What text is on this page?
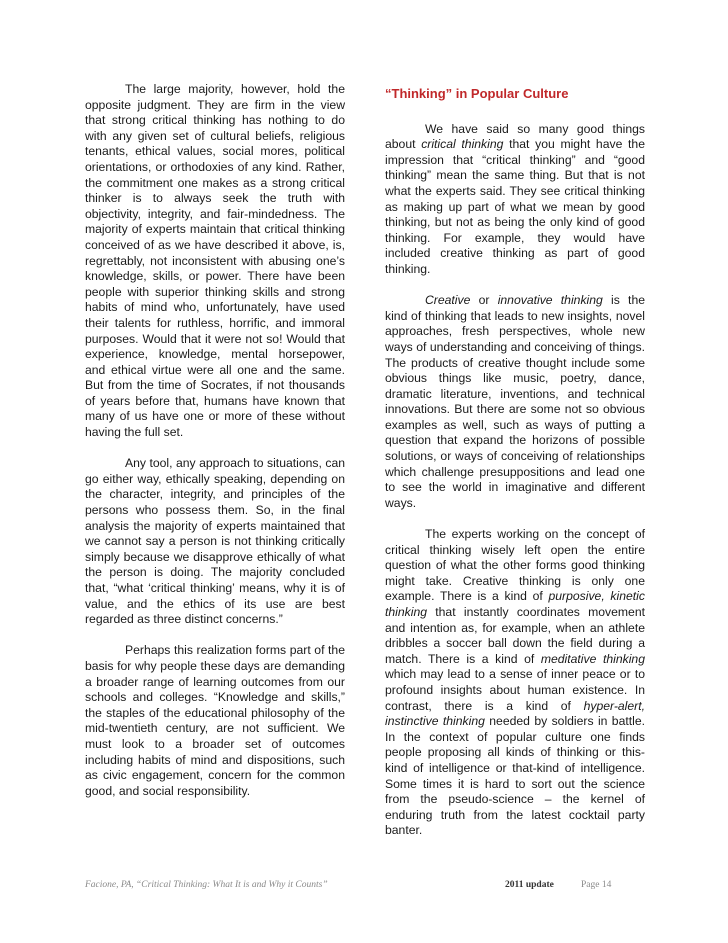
The large majority, however, hold the opposite judgment. They are firm in the view that strong critical thinking has nothing to do with any given set of cultural beliefs, religious tenants, ethical values, social mores, political orientations, or orthodoxies of any kind. Rather, the commitment one makes as a strong critical thinker is to always seek the truth with objectivity, integrity, and fair-mindedness. The majority of experts maintain that critical thinking conceived of as we have described it above, is, regrettably, not inconsistent with abusing one’s knowledge, skills, or power. There have been people with superior thinking skills and strong habits of mind who, unfortunately, have used their talents for ruthless, horrific, and immoral purposes. Would that it were not so! Would that experience, knowledge, mental horsepower, and ethical virtue were all one and the same. But from the time of Socrates, if not thousands of years before that, humans have known that many of us have one or more of these without having the full set.

Any tool, any approach to situations, can go either way, ethically speaking, depending on the character, integrity, and principles of the persons who possess them. So, in the final analysis the majority of experts maintained that we cannot say a person is not thinking critically simply because we disapprove ethically of what the person is doing. The majority concluded that, “what ‘critical thinking’ means, why it is of value, and the ethics of its use are best regarded as three distinct concerns.”

Perhaps this realization forms part of the basis for why people these days are demanding a broader range of learning outcomes from our schools and colleges. “Knowledge and skills,” the staples of the educational philosophy of the mid-twentieth century, are not sufficient. We must look to a broader set of outcomes including habits of mind and dispositions, such as civic engagement, concern for the common good, and social responsibility.

“Thinking” in Popular Culture

We have said so many good things about critical thinking that you might have the impression that “critical thinking” and “good thinking” mean the same thing. But that is not what the experts said. They see critical thinking as making up part of what we mean by good thinking, but not as being the only kind of good thinking. For example, they would have included creative thinking as part of good thinking.

Creative or innovative thinking is the kind of thinking that leads to new insights, novel approaches, fresh perspectives, whole new ways of understanding and conceiving of things. The products of creative thought include some obvious things like music, poetry, dance, dramatic literature, inventions, and technical innovations. But there are some not so obvious examples as well, such as ways of putting a question that expand the horizons of possible solutions, or ways of conceiving of relationships which challenge presuppositions and lead one to see the world in imaginative and different ways.

The experts working on the concept of critical thinking wisely left open the entire question of what the other forms good thinking might take. Creative thinking is only one example. There is a kind of purposive, kinetic thinking that instantly coordinates movement and intention as, for example, when an athlete dribbles a soccer ball down the field during a match. There is a kind of meditative thinking which may lead to a sense of inner peace or to profound insights about human existence. In contrast, there is a kind of hyper-alert, instinctive thinking needed by soldiers in battle. In the context of popular culture one finds people proposing all kinds of thinking or this-kind of intelligence or that-kind of intelligence. Some times it is hard to sort out the science from the pseudo-science – the kernel of enduring truth from the latest cocktail party banter.

Facione, PA, “Critical Thinking: What It is and Why it Counts”	2011 update	Page 14
